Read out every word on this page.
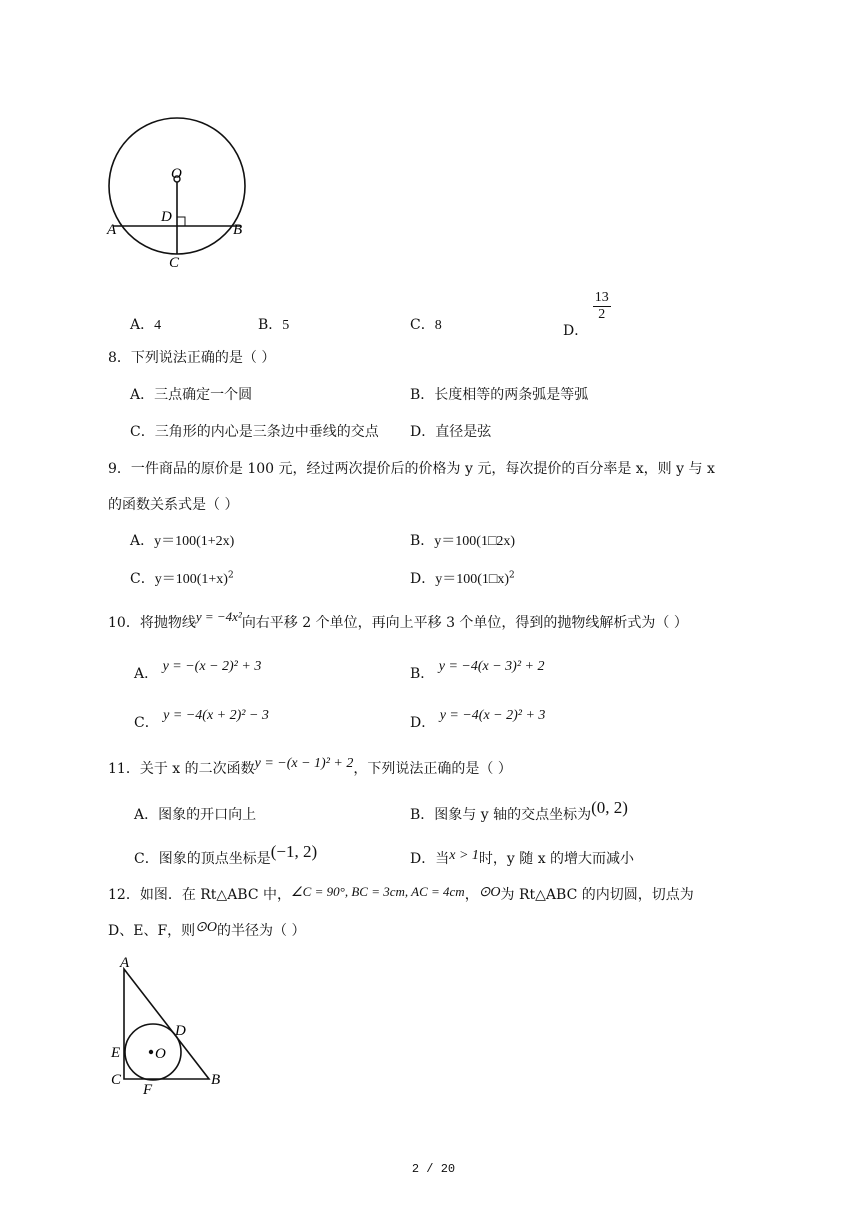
O
D
A	B
C
A．4	B．5	C．8	D．
$\frac{13}{2}$
8．下列说法正确的是（ ）
A．三点确定一个圆	B．长度相等的两条弧是等弧
C．三角形的内心是三条边中垂线的交点 D．直径是弦
9．一件商品的原价是 100 元，经过两次提价后的价格为 y 元，每次提价的百分率是 x，则 y 与 x
的函数关系式是（ ）
A．y＝100(1+2x)	B．y＝100(1□2x)
C．$y=100(1+x)^2$	D．y＝100(1□x)$^2$
10．将抛物线y = −4x²向右平移 2 个单位，再向上平移 3 个单位，得到的抛物线解析式为（ ）
A． y = −(x − 2)² + 3	B． y = −4(x − 3)² + 2
C． y = −4(x + 2)² − 3	D． y = −4(x − 2)² + 3
11．关于 x 的二次函数y = −(x − 1)² + 2，下列说法正确的是（ ）
A．图象的开口向上	B．图象与 y 轴的交点坐标为(0, 2)
C．图象的顶点坐标是(−1, 2)	D．当x > 1时，y 随 x 的增大而减小
12．如图．在 Rt△ABC 中，∠C = 90°, BC = 3cm, AC = 4cm，⊙O为 Rt△ABC 的内切圆，切点为
D、E、F，则⊙O的半径为（ ）
A
E
C
F
D
O
B
2 / 20
